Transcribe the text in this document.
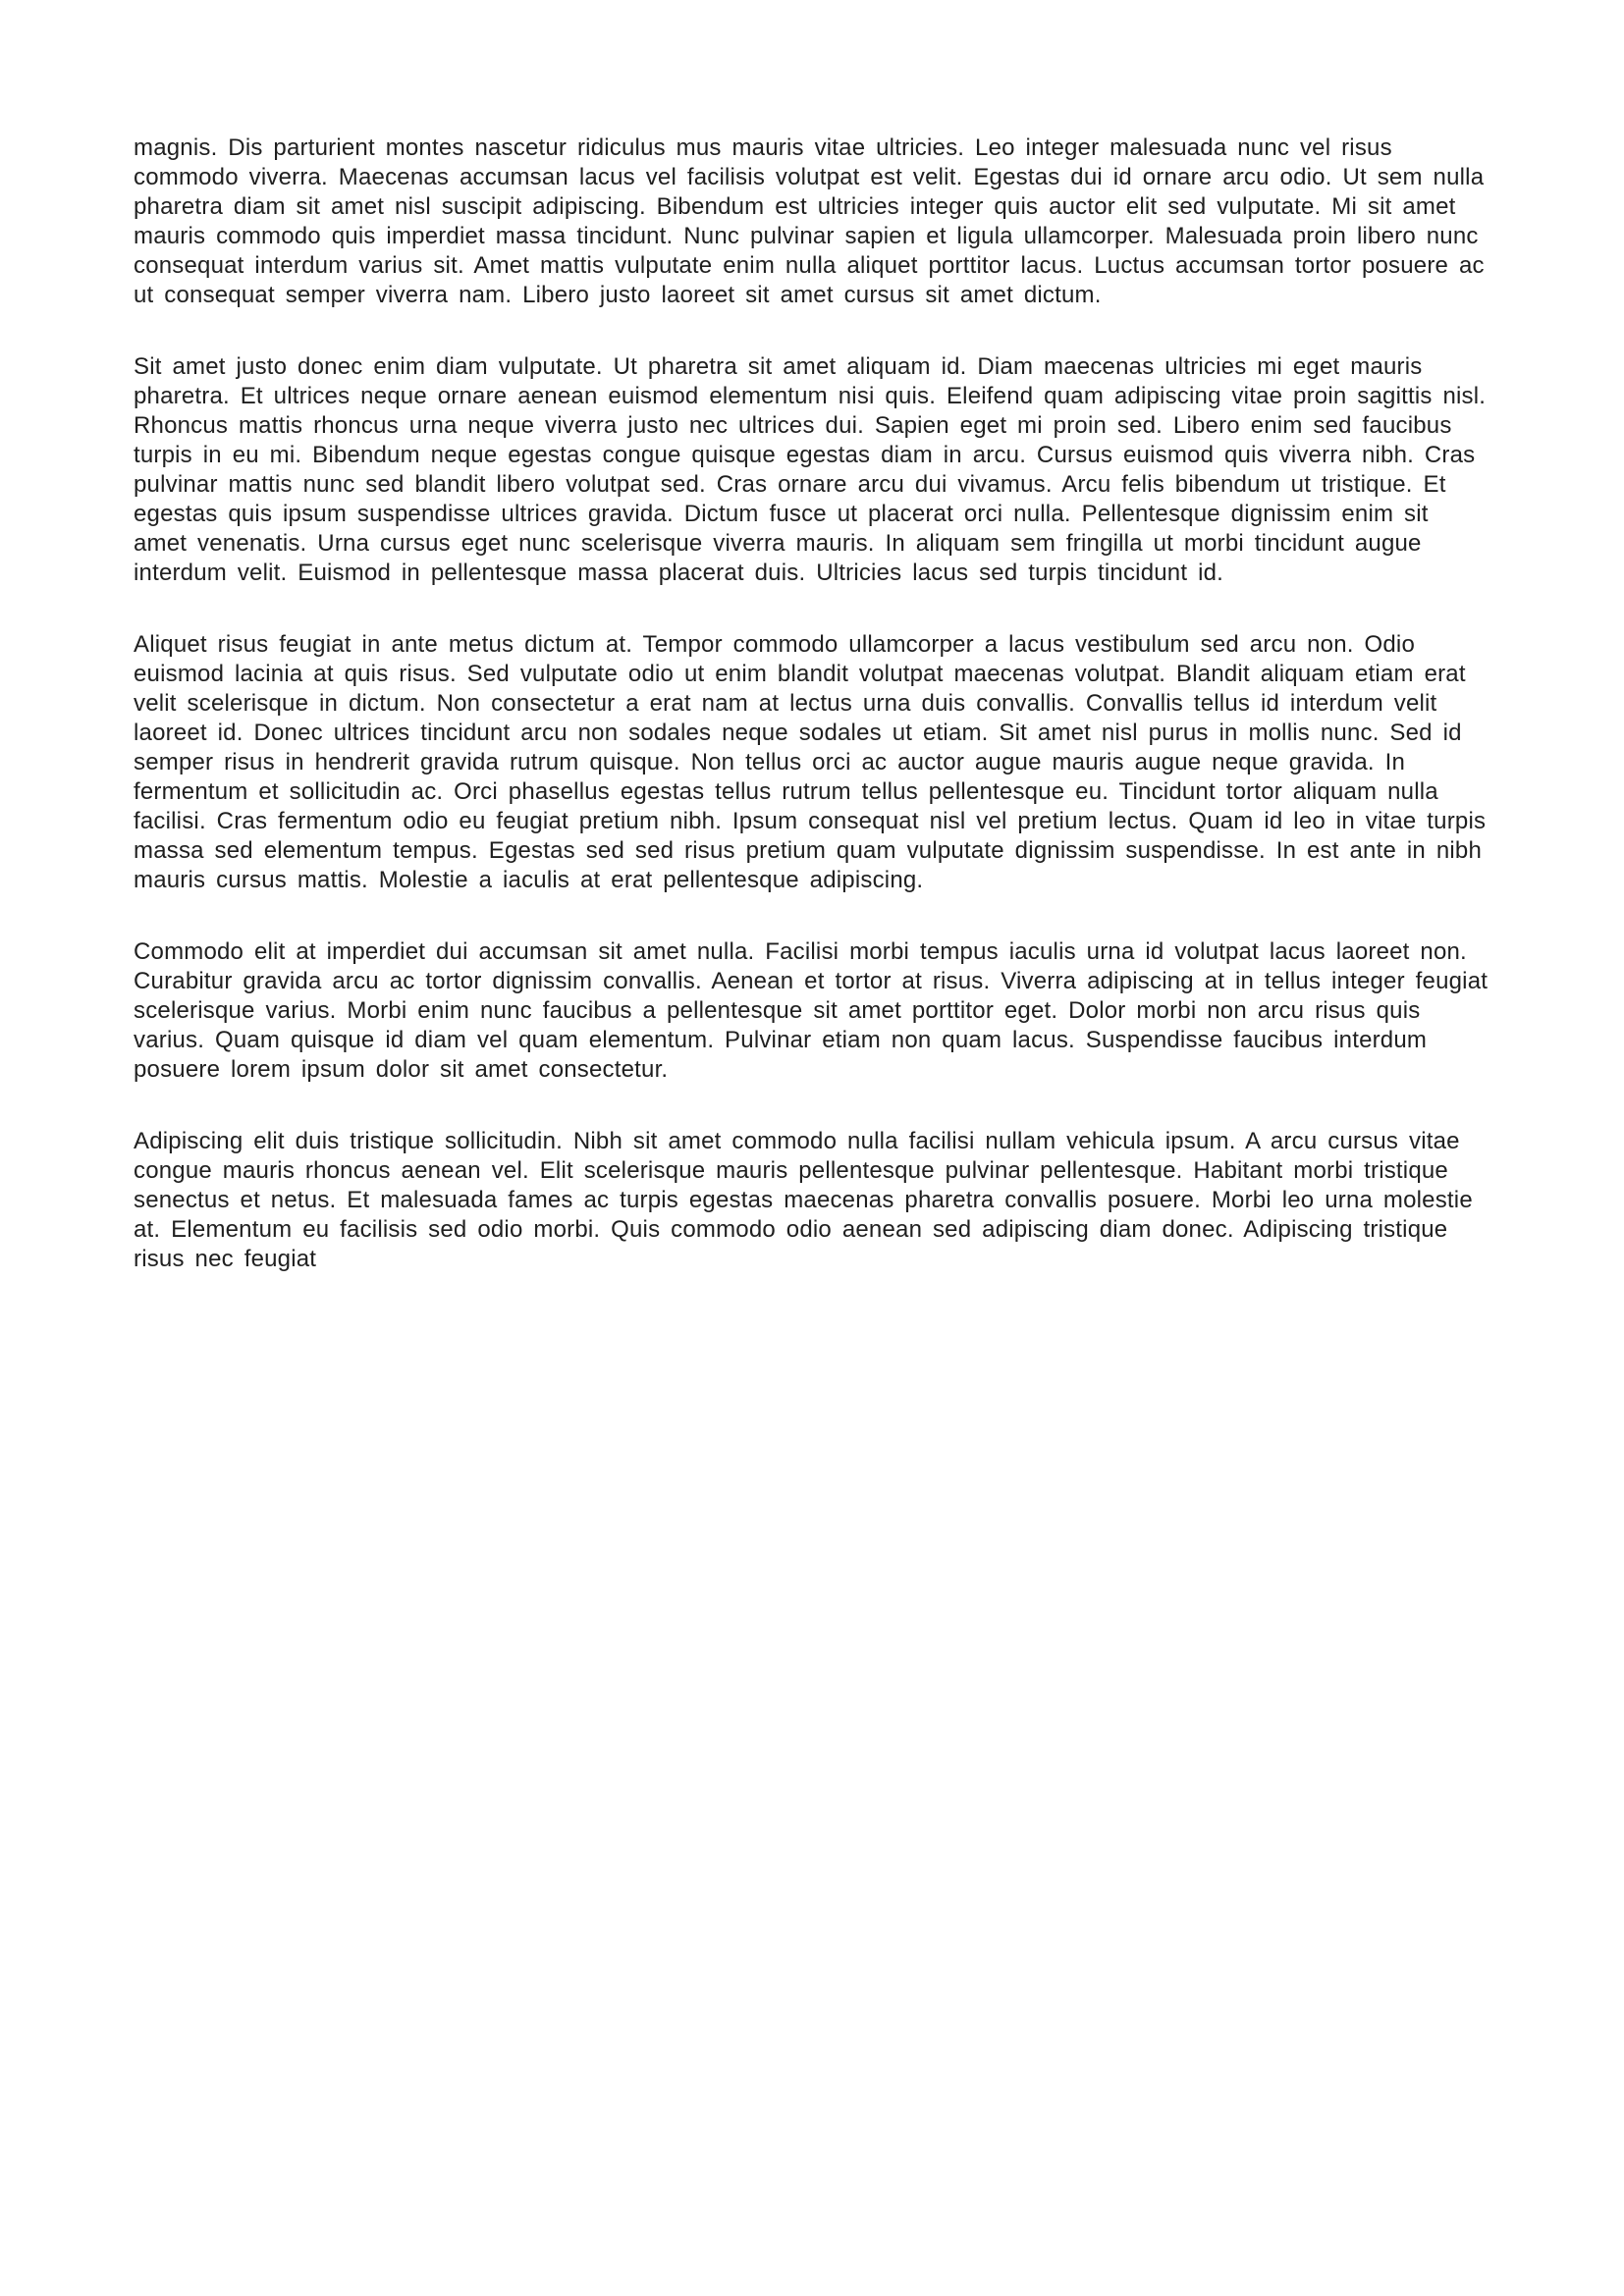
magnis. Dis parturient montes nascetur ridiculus mus mauris vitae ultricies. Leo integer malesuada nunc vel risus commodo viverra. Maecenas accumsan lacus vel facilisis volutpat est velit. Egestas dui id ornare arcu odio. Ut sem nulla pharetra diam sit amet nisl suscipit adipiscing. Bibendum est ultricies integer quis auctor elit sed vulputate. Mi sit amet mauris commodo quis imperdiet massa tincidunt. Nunc pulvinar sapien et ligula ullamcorper. Malesuada proin libero nunc consequat interdum varius sit. Amet mattis vulputate enim nulla aliquet porttitor lacus. Luctus accumsan tortor posuere ac ut consequat semper viverra nam. Libero justo laoreet sit amet cursus sit amet dictum.

Sit amet justo donec enim diam vulputate. Ut pharetra sit amet aliquam id. Diam maecenas ultricies mi eget mauris pharetra. Et ultrices neque ornare aenean euismod elementum nisi quis. Eleifend quam adipiscing vitae proin sagittis nisl. Rhoncus mattis rhoncus urna neque viverra justo nec ultrices dui. Sapien eget mi proin sed. Libero enim sed faucibus turpis in eu mi. Bibendum neque egestas congue quisque egestas diam in arcu. Cursus euismod quis viverra nibh. Cras pulvinar mattis nunc sed blandit libero volutpat sed. Cras ornare arcu dui vivamus. Arcu felis bibendum ut tristique. Et egestas quis ipsum suspendisse ultrices gravida. Dictum fusce ut placerat orci nulla. Pellentesque dignissim enim sit amet venenatis. Urna cursus eget nunc scelerisque viverra mauris. In aliquam sem fringilla ut morbi tincidunt augue interdum velit. Euismod in pellentesque massa placerat duis. Ultricies lacus sed turpis tincidunt id.

Aliquet risus feugiat in ante metus dictum at. Tempor commodo ullamcorper a lacus vestibulum sed arcu non. Odio euismod lacinia at quis risus. Sed vulputate odio ut enim blandit volutpat maecenas volutpat. Blandit aliquam etiam erat velit scelerisque in dictum. Non consectetur a erat nam at lectus urna duis convallis. Convallis tellus id interdum velit laoreet id. Donec ultrices tincidunt arcu non sodales neque sodales ut etiam. Sit amet nisl purus in mollis nunc. Sed id semper risus in hendrerit gravida rutrum quisque. Non tellus orci ac auctor augue mauris augue neque gravida. In fermentum et sollicitudin ac. Orci phasellus egestas tellus rutrum tellus pellentesque eu. Tincidunt tortor aliquam nulla facilisi. Cras fermentum odio eu feugiat pretium nibh. Ipsum consequat nisl vel pretium lectus. Quam id leo in vitae turpis massa sed elementum tempus. Egestas sed sed risus pretium quam vulputate dignissim suspendisse. In est ante in nibh mauris cursus mattis. Molestie a iaculis at erat pellentesque adipiscing.

Commodo elit at imperdiet dui accumsan sit amet nulla. Facilisi morbi tempus iaculis urna id volutpat lacus laoreet non. Curabitur gravida arcu ac tortor dignissim convallis. Aenean et tortor at risus. Viverra adipiscing at in tellus integer feugiat scelerisque varius. Morbi enim nunc faucibus a pellentesque sit amet porttitor eget. Dolor morbi non arcu risus quis varius. Quam quisque id diam vel quam elementum. Pulvinar etiam non quam lacus. Suspendisse faucibus interdum posuere lorem ipsum dolor sit amet consectetur.

Adipiscing elit duis tristique sollicitudin. Nibh sit amet commodo nulla facilisi nullam vehicula ipsum. A arcu cursus vitae congue mauris rhoncus aenean vel. Elit scelerisque mauris pellentesque pulvinar pellentesque. Habitant morbi tristique senectus et netus. Et malesuada fames ac turpis egestas maecenas pharetra convallis posuere. Morbi leo urna molestie at. Elementum eu facilisis sed odio morbi. Quis commodo odio aenean sed adipiscing diam donec. Adipiscing tristique risus nec feugiat
